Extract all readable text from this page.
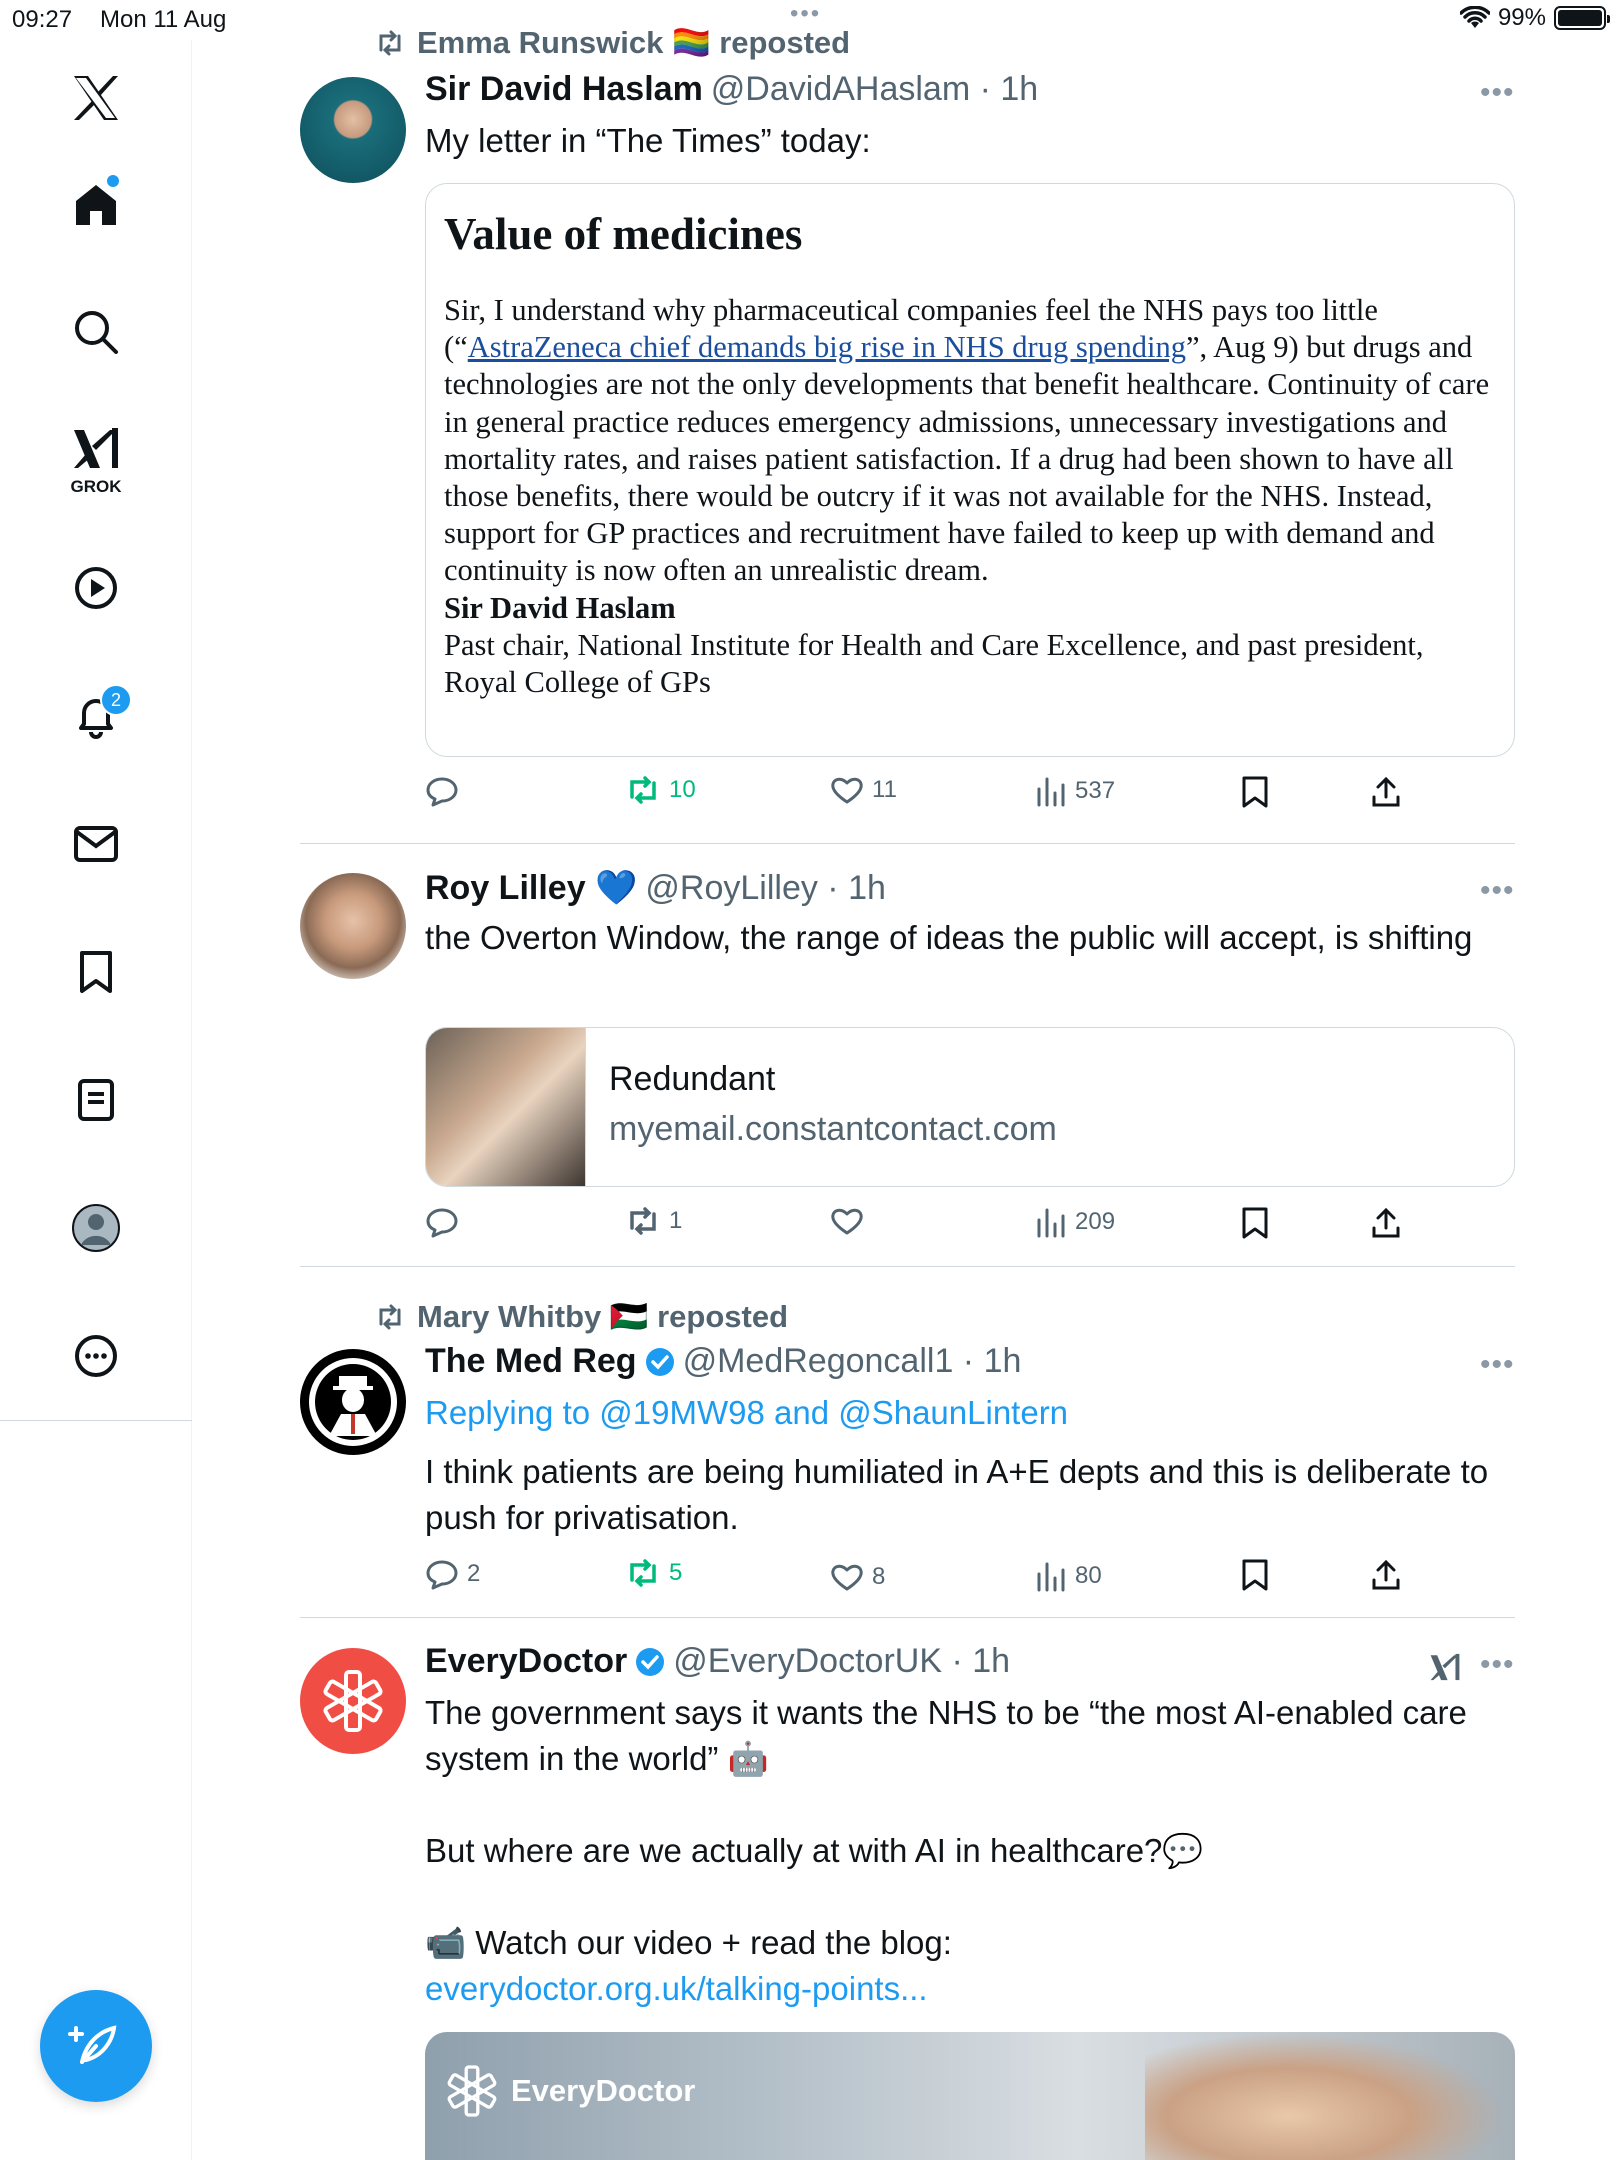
09:27 Mon 11 Aug	•••	99%
GROK
2
Emma Runswick 🏳️‍🌈 reposted
Sir David Haslam @DavidAHaslam · 1h	•••
My letter in “The Times” today:
Value of medicines
Sir, I understand why pharmaceutical companies feel the NHS pays too little (“AstraZeneca chief demands big rise in NHS drug spending”, Aug 9) but drugs and technologies are not the only developments that benefit healthcare. Continuity of care in general practice reduces emergency admissions, unnecessary investigations and mortality rates, and raises patient satisfaction. If a drug had been shown to have all those benefits, there would be outcry if it was not available for the NHS. Instead, support for GP practices and recruitment have failed to keep up with demand and continuity is now often an unrealistic dream.
Sir David Haslam
Past chair, National Institute for Health and Care Excellence, and past president, Royal College of GPs
10	11	537
Roy Lilley 💙 @RoyLilley · 1h	•••
the Overton Window, the range of ideas the public will accept, is shifting
Redundant
myemail.constantcontact.com
1	209
Mary Whitby 🇵🇸 reposted
The Med Reg @MedRegoncall1 · 1h	•••
Replying to @19MW98 and @ShaunLintern
I think patients are being humiliated in A+E depts and this is deliberate to push for privatisation.
2	5	8	80
EveryDoctor @EveryDoctorUK · 1h	•••
The government says it wants the NHS to be “the most AI-enabled care system in the world” 🤖
But where are we actually at with AI in healthcare?💬
📹 Watch our video + read the blog:
everydoctor.org.uk/talking-points...
EveryDoctor
